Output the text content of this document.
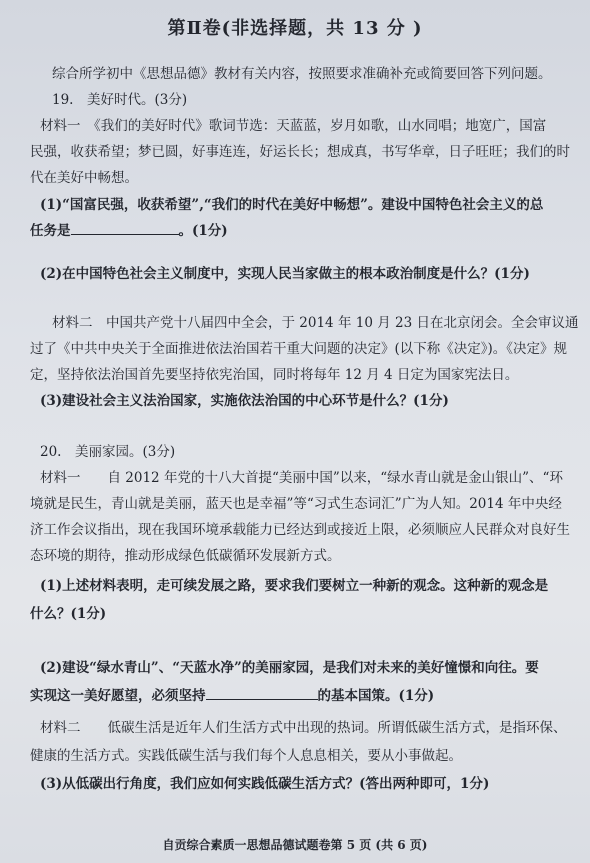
第Ⅱ卷(非选择题，共 13 分 )
综合所学初中《思想品德》教材有关内容，按照要求准确补充或简要回答下列问题。
19.　美好时代。(3分)
材料一　《我们的美好时代》歌词节选：天蓝蓝，岁月如歌，山水同唱；地宽广，国富
民强，收获希望；梦已圆，好事连连，好运长长；想成真，书写华章，日子旺旺；我们的时
代在美好中畅想。
(1)“国富民强，收获希望”,“我们的时代在美好中畅想”。建设中国特色社会主义的总
任务是	。(1分)
(2)在中国特色社会主义制度中，实现人民当家做主的根本政治制度是什么？(1分)
材料二　中国共产党十八届四中全会，于 2014 年 10 月 23 日在北京闭会。全会审议通
过了《中共中央关于全面推进依法治国若干重大问题的决定》(以下称《决定》)。《决定》规
定，坚持依法治国首先要坚持依宪治国，同时将每年 12 月 4 日定为国家宪法日。
(3)建设社会主义法治国家，实施依法治国的中心环节是什么？(1分)
20.　美丽家园。(3分)
材料一　　自 2012 年党的十八大首提“美丽中国”以来，“绿水青山就是金山银山”、“环
境就是民生，青山就是美丽，蓝天也是幸福”等“习式生态词汇”广为人知。2014 年中央经
济工作会议指出，现在我国环境承载能力已经达到或接近上限，必须顺应人民群众对良好生
态环境的期待，推动形成绿色低碳循环发展新方式。
(1)上述材料表明，走可续发展之路，要求我们要树立一种新的观念。这种新的观念是
什么？(1分)
(2)建设“绿水青山”、“天蓝水净”的美丽家园，是我们对未来的美好憧憬和向往。要
实现这一美好愿望，必须坚持	的基本国策。(1分)
材料二　　低碳生活是近年人们生活方式中出现的热词。所谓低碳生活方式，是指环保、
健康的生活方式。实践低碳生活与我们每个人息息相关，要从小事做起。
(3)从低碳出行角度，我们应如何实践低碳生活方式？(答出两种即可，1分)
自贡综合素质一思想品德试题卷第 5 页 (共 6 页)
